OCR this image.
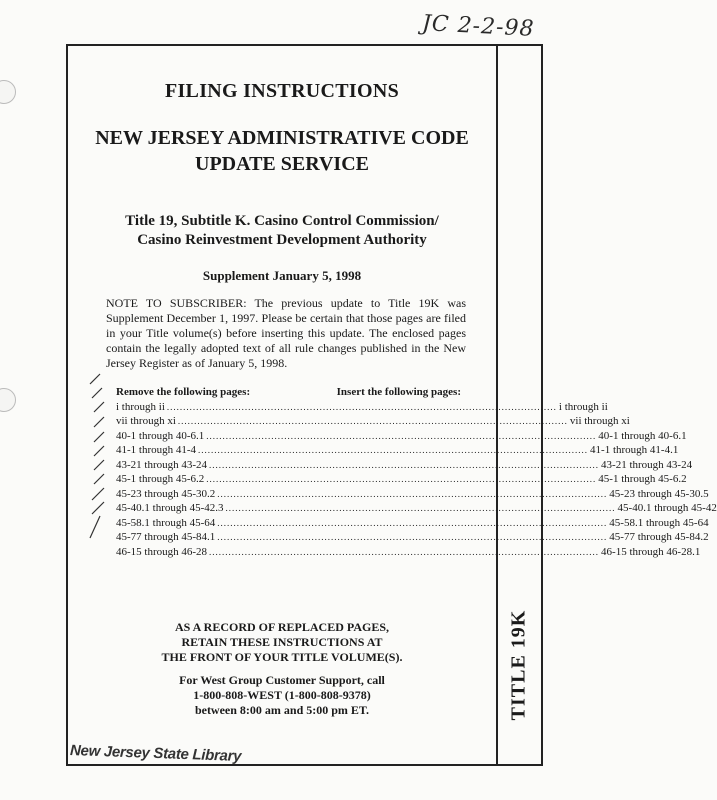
JC 2-2-98
TITLE 19K

FILING INSTRUCTIONS

NEW JERSEY ADMINISTRATIVE CODE
UPDATE SERVICE
Title 19, Subtitle K. Casino Control Commission/
Casino Reinvestment Development Authority

Supplement January 5, 1998

NOTE TO SUBSCRIBER: The previous update to Title 19K was Supplement December 1, 1997. Please be certain that those pages are filed in your Title volume(s) before inserting this update. The enclosed pages contain the legally adopted text of all rule changes published in the New Jersey Register as of January 5, 1998.

Remove the following pages:	Insert the following pages:
i through ii ........................................................................................................................ i through ii
vii through xi ........................................................................................................................ vii through xi
40-1 through 40-6.1 ........................................................................................................................ 40-1 through 40-6.1
41-1 through 41-4 ........................................................................................................................ 41-1 through 41-4.1
43-21 through 43-24 ........................................................................................................................ 43-21 through 43-24
45-1 through 45-6.2 ........................................................................................................................ 45-1 through 45-6.2
45-23 through 45-30.2 ........................................................................................................................ 45-23 through 45-30.5
45-40.1 through 45-42.3 ........................................................................................................................ 45-40.1 through 45-42
45-58.1 through 45-64 ........................................................................................................................ 45-58.1 through 45-64
45-77 through 45-84.1 ........................................................................................................................ 45-77 through 45-84.2
46-15 through 46-28 ........................................................................................................................ 46-15 through 46-28.1
AS A RECORD OF REPLACED PAGES,
RETAIN THESE INSTRUCTIONS AT
THE FRONT OF YOUR TITLE VOLUME(S).
For West Group Customer Support, call
1-800-808-WEST (1-800-808-9378)
between 8:00 am and 5:00 pm ET.
New Jersey State Library
